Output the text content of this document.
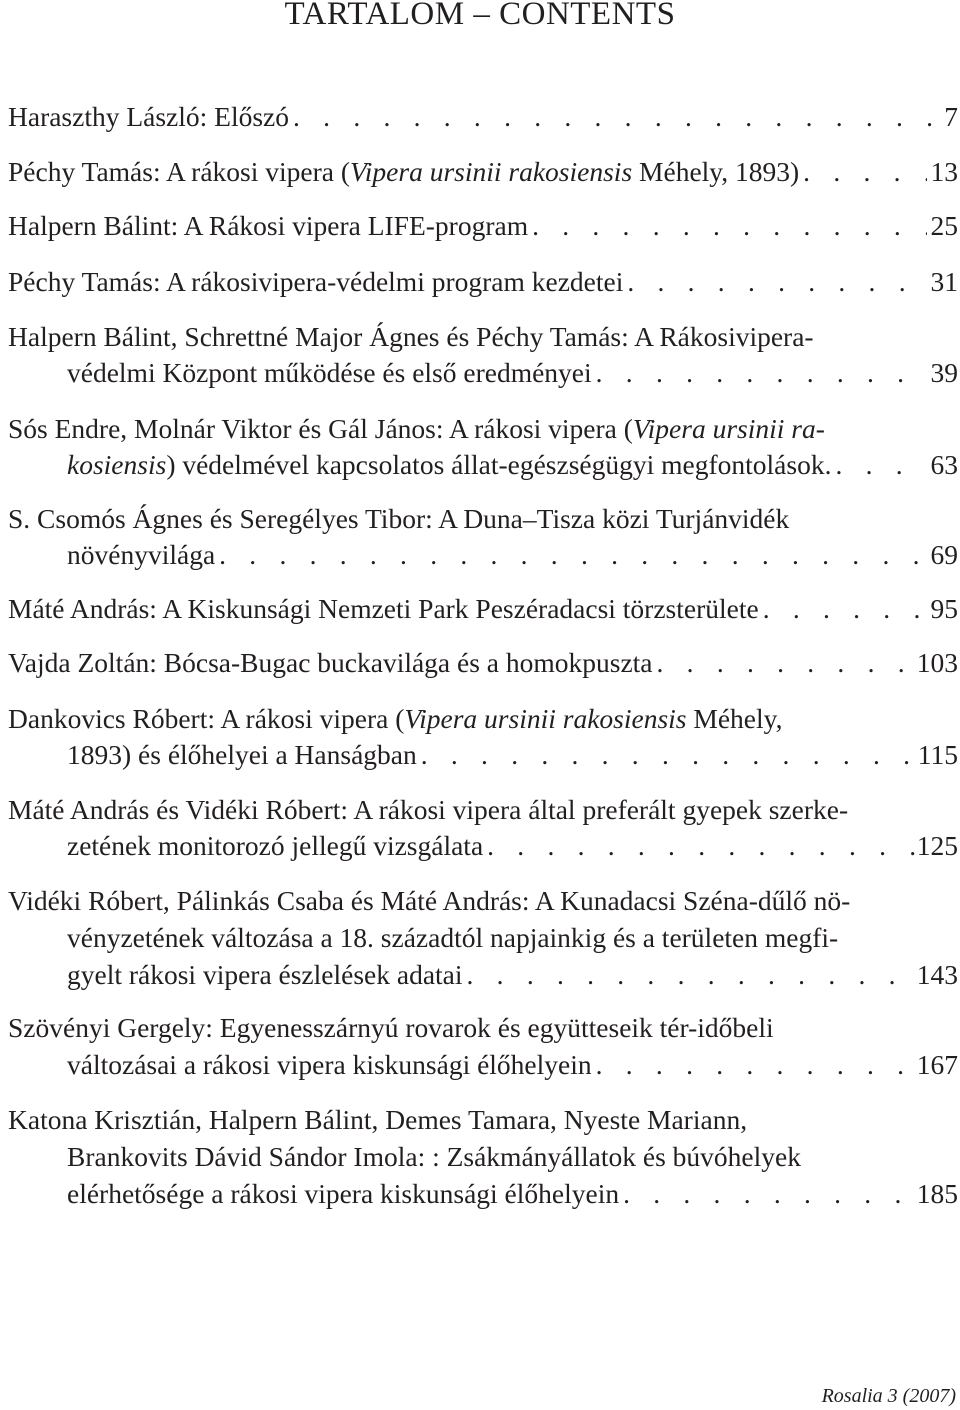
TARTALOM – CONTENTS
Haraszthy László: Előszó . . .	7
Péchy Tamás: A rákosi vipera (Vipera ursinii rakosiensis Méhely, 1893) . . .	13
Halpern Bálint: A Rákosi vipera LIFE-program . . .	25
Péchy Tamás: A rákosivipera-védelmi program kezdetei . . .	31
Halpern Bálint, Schrettné Major Ágnes és Péchy Tamás: A Rákosivipera-
védelmi Központ működése és első eredményei . . .	39
Sós Endre, Molnár Viktor és Gál János: A rákosi vipera (Vipera ursinii ra-
kosiensis) védelmével kapcsolatos állat-egészségügyi megfontolások. . . .	63
S. Csomós Ágnes és Seregélyes Tibor: A Duna–Tisza közi Turjánvidék
növényvilága . . .	69
Máté András: A Kiskunsági Nemzeti Park Peszéradacsi törzsterülete . . .	95
Vajda Zoltán: Bócsa-Bugac buckavilága és a homokpuszta . . .	103
Dankovics Róbert: A rákosi vipera (Vipera ursinii rakosiensis Méhely,
1893) és élőhelyei a Hanságban . . .	115
Máté András és Vidéki Róbert: A rákosi vipera által preferált gyepek szerke-
zetének monitorozó jellegű vizsgálata . . .	125
Vidéki Róbert, Pálinkás Csaba és Máté András: A Kunadacsi Széna-dűlő nö-
vényzetének változása a 18. századtól napjainkig és a területen megfi-
gyelt rákosi vipera észlelések adatai . . .	143
Szövényi Gergely: Egyenesszárnyú rovarok és együtteseik tér-időbeli
változásai a rákosi vipera kiskunsági élőhelyein . . .	167
Katona Krisztián, Halpern Bálint, Demes Tamara, Nyeste Mariann,
Brankovits Dávid Sándor Imola: : Zsákmányállatok és búvóhelyek
elérhetősége a rákosi vipera kiskunsági élőhelyein . . .	185
Rosalia 3 (2007)
